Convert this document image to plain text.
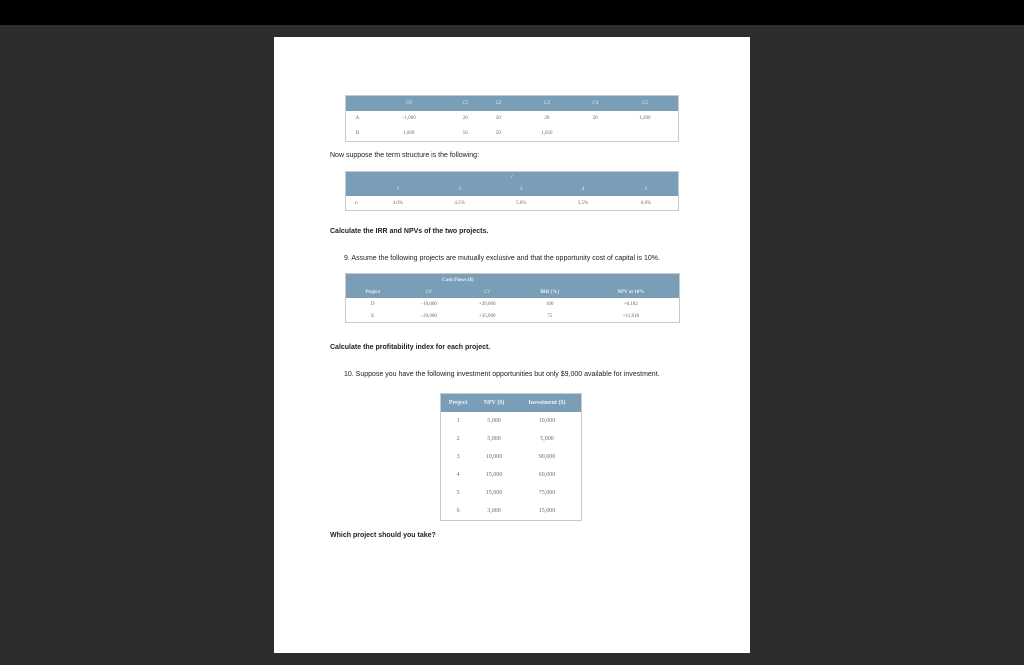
	C0	C1	C2	C3	C4	C5
A	−1,000	20	20	20	20	1,200
B	1,000	50	50	1,050		
Now suppose the term structure is the following:
t					
	1	2	3	4	5
rₜ	4.0%	4.5%	5.0%	5.5%	6.0%
Calculate the IRR and NPVs of the two projects.
9. Assume the following projects are mutually exclusive and that the opportunity cost of capital is 10%.
	Cash Flows ($)			
Project	C0	C1	IRR (%)	NPV at 10%
D	−10,000	+20,000	100	+8,182
E	−20,000	+35,000	75	+11,818
Calculate the profitability index for each project.
10. Suppose you have the following investment opportunities but only $9,000 available for investment.
Project	NPV ($)	Investment ($)
1	5,000	10,000
2	5,000	5,000
3	10,000	90,000
4	15,000	60,000
5	15,000	75,000
6	3,000	15,000
Which project should you take?
